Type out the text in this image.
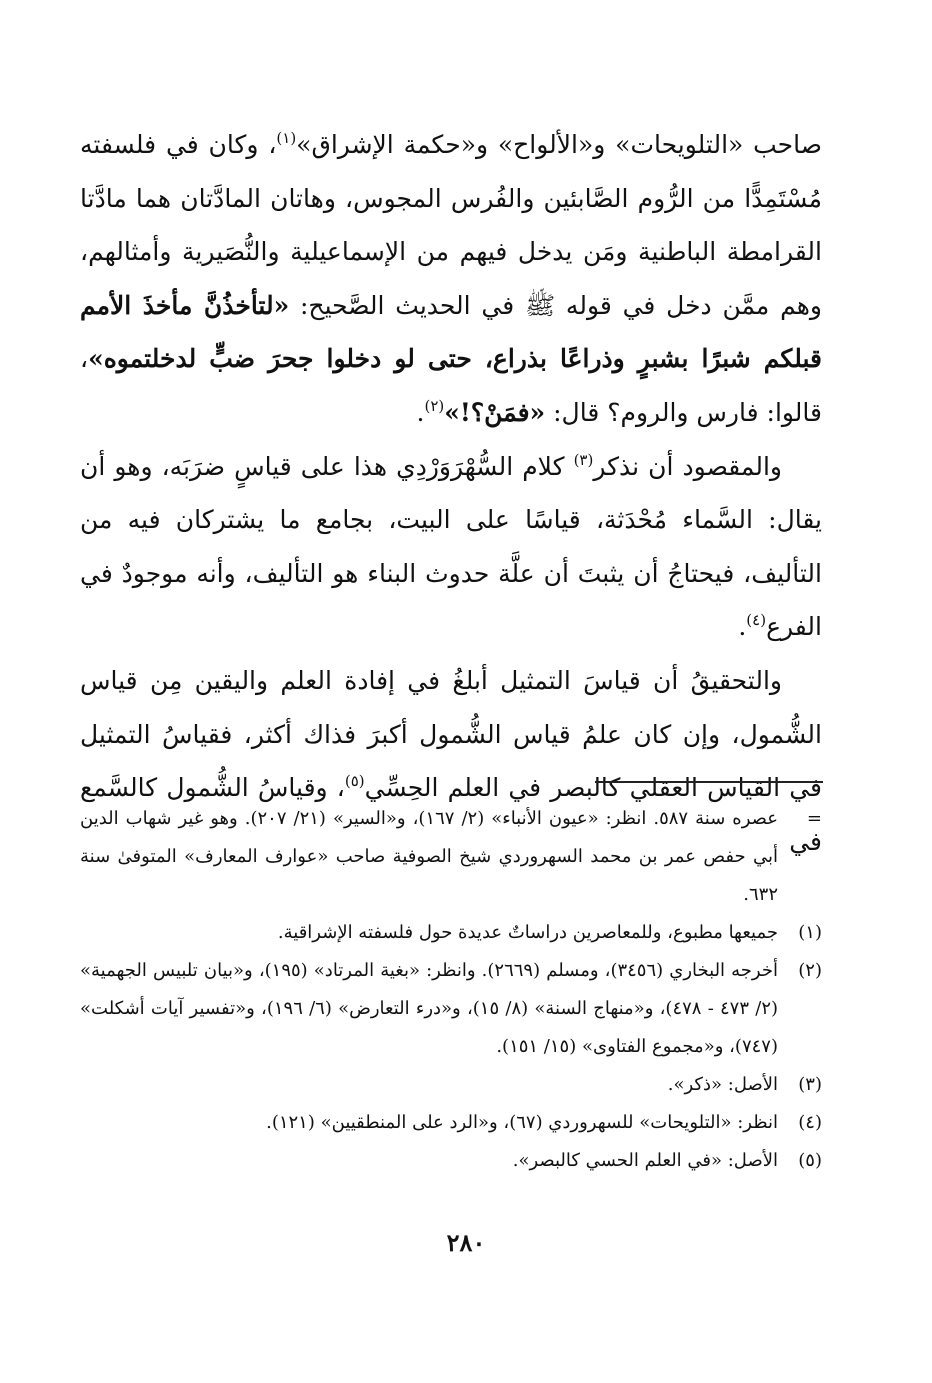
صاحب «التلويحات» و«الألواح» و«حكمة الإشراق»$^{(١)}$، وكان في فلسفته مُسْتَمِدًّا من الرُّوم الصَّابئين والفُرس المجوس، وهاتان المادَّتان هما مادَّتا القرامطة الباطنية ومَن يدخل فيهم من الإسماعيلية والنُّصَيرية وأمثالهم، وهم ممَّن دخل في قوله ﷺ في الحديث الصَّحيح: «لتأخذُنَّ مأخذَ الأمم قبلكم شبرًا بشبرٍ وذراعًا بذراع، حتى لو دخلوا جحرَ ضبٍّ لدخلتموه»، قالوا: فارس والروم؟ قال: «فمَنْ؟!»$^{(٢)}$.

والمقصود أن نذكر$^{(٣)}$ كلام السُّهْرَوَرْدِي هذا على قياسٍ ضرَبَه، وهو أن يقال: السَّماء مُحْدَثة، قياسًا على البيت، بجامع ما يشتركان فيه من التأليف، فيحتاجُ أن يثبتَ أن علَّة حدوث البناء هو التأليف، وأنه موجودٌ في الفرع$^{(٤)}$.

والتحقيقُ أن قياسَ التمثيل أبلغُ في إفادة العلم واليقين مِن قياس الشُّمول، وإن كان علمُ قياس الشُّمول أكبرَ فذاك أكثر، فقياسُ التمثيل في القياس العقلي كالبصر في العلم الحِسِّي$^{(٥)}$، وقياسُ الشُّمول كالسَّمع في

=
عصره سنة ٥٨٧. انظر: «عيون الأنباء» (٢/ ١٦٧)، و«السير» (٢١/ ٢٠٧). وهو غير شهاب الدين أبي حفص عمر بن محمد السهروردي شيخ الصوفية صاحب «عوارف المعارف» المتوفىٰ سنة ٦٣٢.
(١)
جميعها مطبوع، وللمعاصرين دراساتٌ عديدة حول فلسفته الإشراقية.
(٢)
أخرجه البخاري (٣٤٥٦)، ومسلم (٢٦٦٩). وانظر: «بغية المرتاد» (١٩٥)، و«بيان تلبيس الجهمية» (٢/ ٤٧٣ - ٤٧٨)، و«منهاج السنة» (٨/ ١٥)، و«درء التعارض» (٦/ ١٩٦)، و«تفسير آيات أشكلت» (٧٤٧)، و«مجموع الفتاوى» (١٥/ ١٥١).
(٣)
الأصل: «ذكر».
(٤)
انظر: «التلويحات» للسهروردي (٦٧)، و«الرد على المنطقيين» (١٢١).
(٥)
الأصل: «في العلم الحسي كالبصر».
٢٨٠
